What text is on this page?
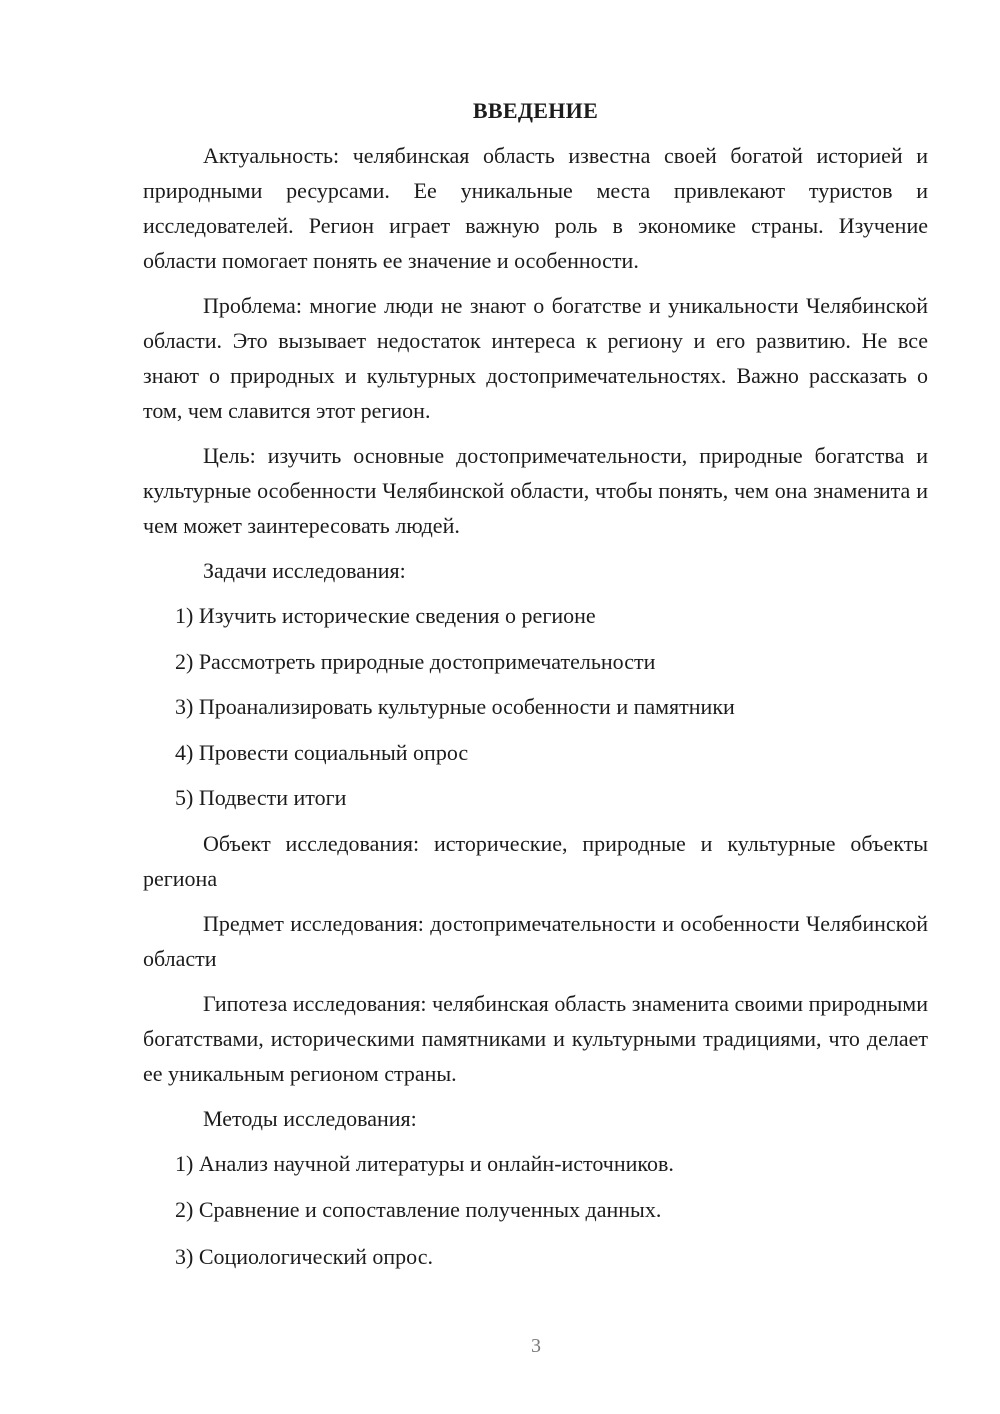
ВВЕДЕНИЕ

Актуальность: челябинская область известна своей богатой историей и природными ресурсами. Ее уникальные места привлекают туристов и исследователей. Регион играет важную роль в экономике страны. Изучение области помогает понять ее значение и особенности.

Проблема: многие люди не знают о богатстве и уникальности Челябинской области. Это вызывает недостаток интереса к региону и его развитию. Не все знают о природных и культурных достопримечательностях. Важно рассказать о том, чем славится этот регион.

Цель: изучить основные достопримечательности, природные богатства и культурные особенности Челябинской области, чтобы понять, чем она знаменита и чем может заинтересовать людей.

Задачи исследования:
1) Изучить исторические сведения о регионе
2) Рассмотреть природные достопримечательности
3) Проанализировать культурные особенности и памятники
4) Провести социальный опрос
5) Подвести итоги

Объект исследования: исторические, природные и культурные объекты региона

Предмет исследования: достопримечательности и особенности Челябинской области

Гипотеза исследования: челябинская область знаменита своими природными богатствами, историческими памятниками и культурными традициями, что делает ее уникальным регионом страны.

Методы исследования:
1) Анализ научной литературы и онлайн-источников.
2) Сравнение и сопоставление полученных данных.
3) Социологический опрос.
3
